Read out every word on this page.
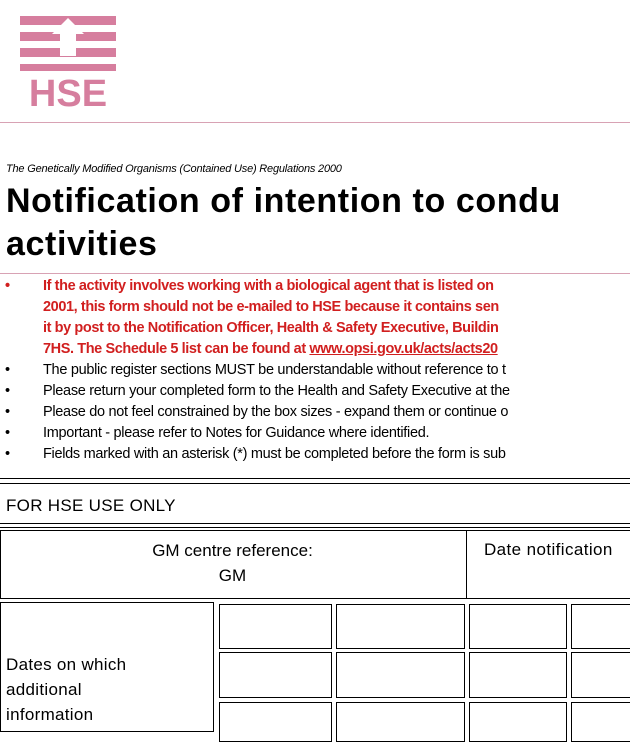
HSE
The Genetically Modified Organisms (Contained Use) Regulations 2000
Notification of intention to condu
activities
• If the activity involves working with a biological agent that is listed on
2001, this form should not be e-mailed to HSE because it contains sen
it by post to the Notification Officer, Health & Safety Executive, Buildin
7HS. The Schedule 5 list can be found at www.opsi.gov.uk/acts/acts20
• The public register sections MUST be understandable without reference to t
• Please return your completed form to the Health and Safety Executive at the
• Please do not feel constrained by the box sizes - expand them or continue o
• Important - please refer to Notes for Guidance where identified.
• Fields marked with an asterisk (*) must be completed before the form is sub
FOR HSE USE ONLY
GM centre reference:
GM
Date notification
Dates on which
additional
information
